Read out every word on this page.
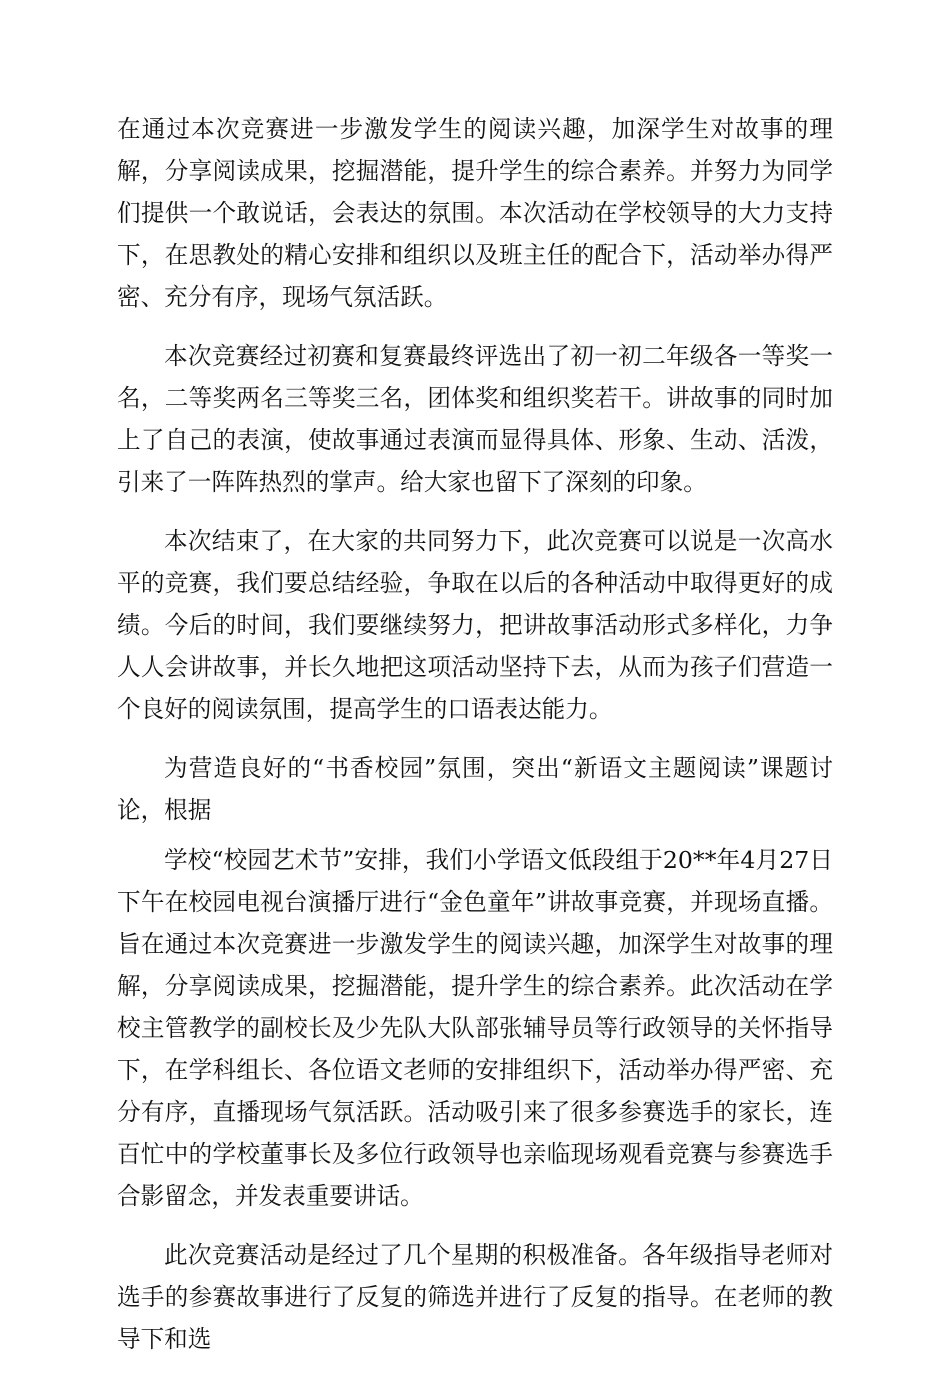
在通过本次竞赛进一步激发学生的阅读兴趣，加深学生对故事的理解，分享阅读成果，挖掘潜能，提升学生的综合素养。并努力为同学们提供一个敢说话，会表达的氛围。本次活动在学校领导的大力支持下，在思教处的精心安排和组织以及班主任的配合下，活动举办得严密、充分有序，现场气氛活跃。

本次竞赛经过初赛和复赛最终评选出了初一初二年级各一等奖一名，二等奖两名三等奖三名，团体奖和组织奖若干。讲故事的同时加上了自己的表演，使故事通过表演而显得具体、形象、生动、活泼，引来了一阵阵热烈的掌声。给大家也留下了深刻的印象。

本次结束了，在大家的共同努力下，此次竞赛可以说是一次高水平的竞赛，我们要总结经验，争取在以后的各种活动中取得更好的成绩。今后的时间，我们要继续努力，把讲故事活动形式多样化，力争人人会讲故事，并长久地把这项活动坚持下去，从而为孩子们营造一个良好的阅读氛围，提高学生的口语表达能力。

为营造良好的“书香校园”氛围，突出“新语文主题阅读”课题讨论，根据

学校“校园艺术节”安排，我们小学语文低段组于20**年4月27日下午在校园电视台演播厅进行“金色童年”讲故事竞赛，并现场直播。旨在通过本次竞赛进一步激发学生的阅读兴趣，加深学生对故事的理解，分享阅读成果，挖掘潜能，提升学生的综合素养。此次活动在学校主管教学的副校长及少先队大队部张辅导员等行政领导的关怀指导下，在学科组长、各位语文老师的安排组织下，活动举办得严密、充分有序，直播现场气氛活跃。活动吸引来了很多参赛选手的家长，连百忙中的学校董事长及多位行政领导也亲临现场观看竞赛与参赛选手合影留念，并发表重要讲话。

此次竞赛活动是经过了几个星期的积极准备。各年级指导老师对选手的参赛故事进行了反复的筛选并进行了反复的指导。在老师的教导下和选
